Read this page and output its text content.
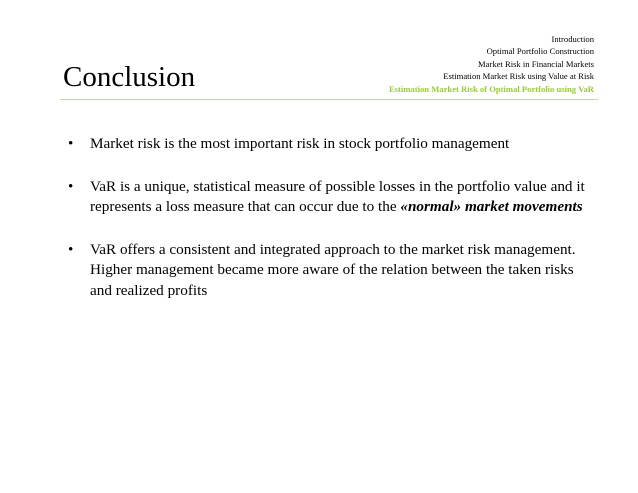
Conclusion
Introduction
Optimal Portfolio Construction
Market Risk in Financial Markets
Estimation Market Risk using Value at Risk
Estimation Market Risk of Optimal Portfolio using VaR
• Market risk is the most important risk in stock portfolio management
• VaR is a unique, statistical measure of possible losses in the portfolio value and it represents a loss measure that can occur due to the «normal» market movements
• VaR offers a consistent and integrated approach to the market risk management. Higher management became more aware of the relation between the taken risks and realized profits
